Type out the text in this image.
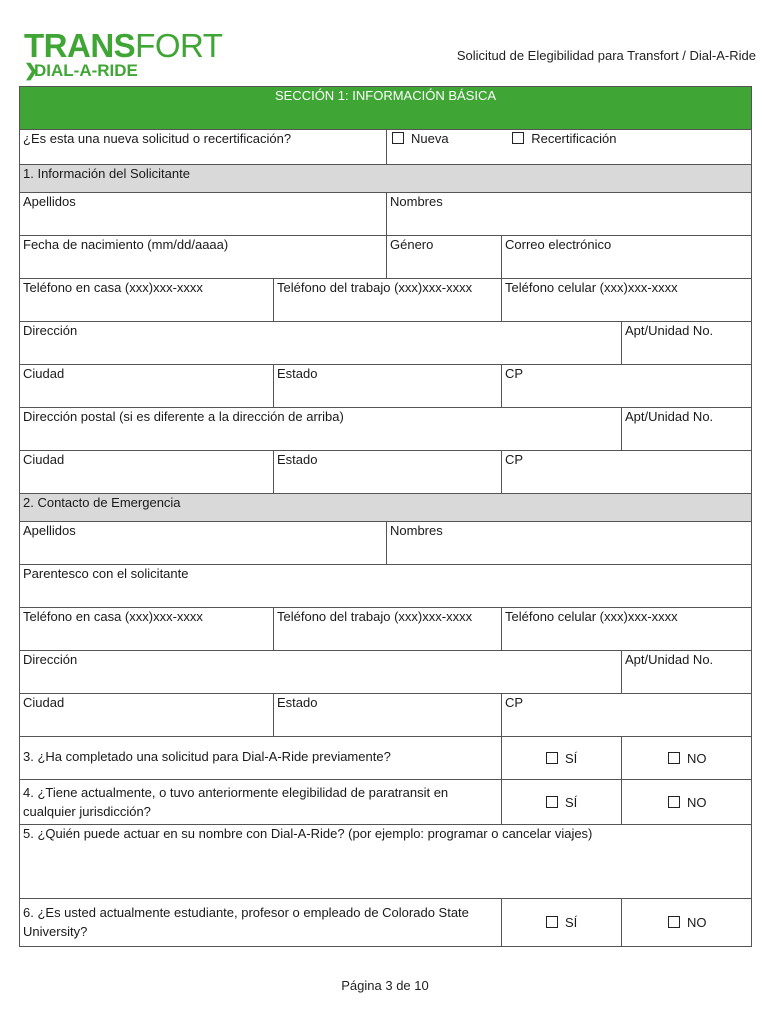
TRANSFORT
❯
DIAL-A-RIDE
Solicitud de Elegibilidad para Transfort / Dial-A-Ride
SECCIÓN 1: INFORMACIÓN BÁSICA				
¿Es esta una nueva solicitud o recertificación?		Nueva Recertificación		
1. Información del Solicitante				
Apellidos		Nombres		
Fecha de nacimiento (mm/dd/aaaa)		Género	Correo electrónico	
Teléfono en casa (xxx)xxx-xxxx	Teléfono del trabajo (xxx)xxx-xxxx		Teléfono celular (xxx)xxx-xxxx	
Dirección				Apt/Unidad No.
Ciudad	Estado		CP	
Dirección postal (si es diferente a la dirección de arriba)				Apt/Unidad No.
Ciudad	Estado		CP	
2. Contacto de Emergencia				
Apellidos		Nombres		
Parentesco con el solicitante				
Teléfono en casa (xxx)xxx-xxxx	Teléfono del trabajo (xxx)xxx-xxxx		Teléfono celular (xxx)xxx-xxxx	
Dirección				Apt/Unidad No.
Ciudad	Estado		CP	
3. ¿Ha completado una solicitud para Dial-A-Ride previamente?			SÍ	NO
4. ¿Tiene actualmente, o tuvo anteriormente elegibilidad de paratransit en cualquier jurisdicción?			SÍ	NO
5. ¿Quién puede actuar en su nombre con Dial-A-Ride? (por ejemplo: programar o cancelar viajes)				
6. ¿Es usted actualmente estudiante, profesor o empleado de Colorado State University?			SÍ	NO
Página 3 de 10
